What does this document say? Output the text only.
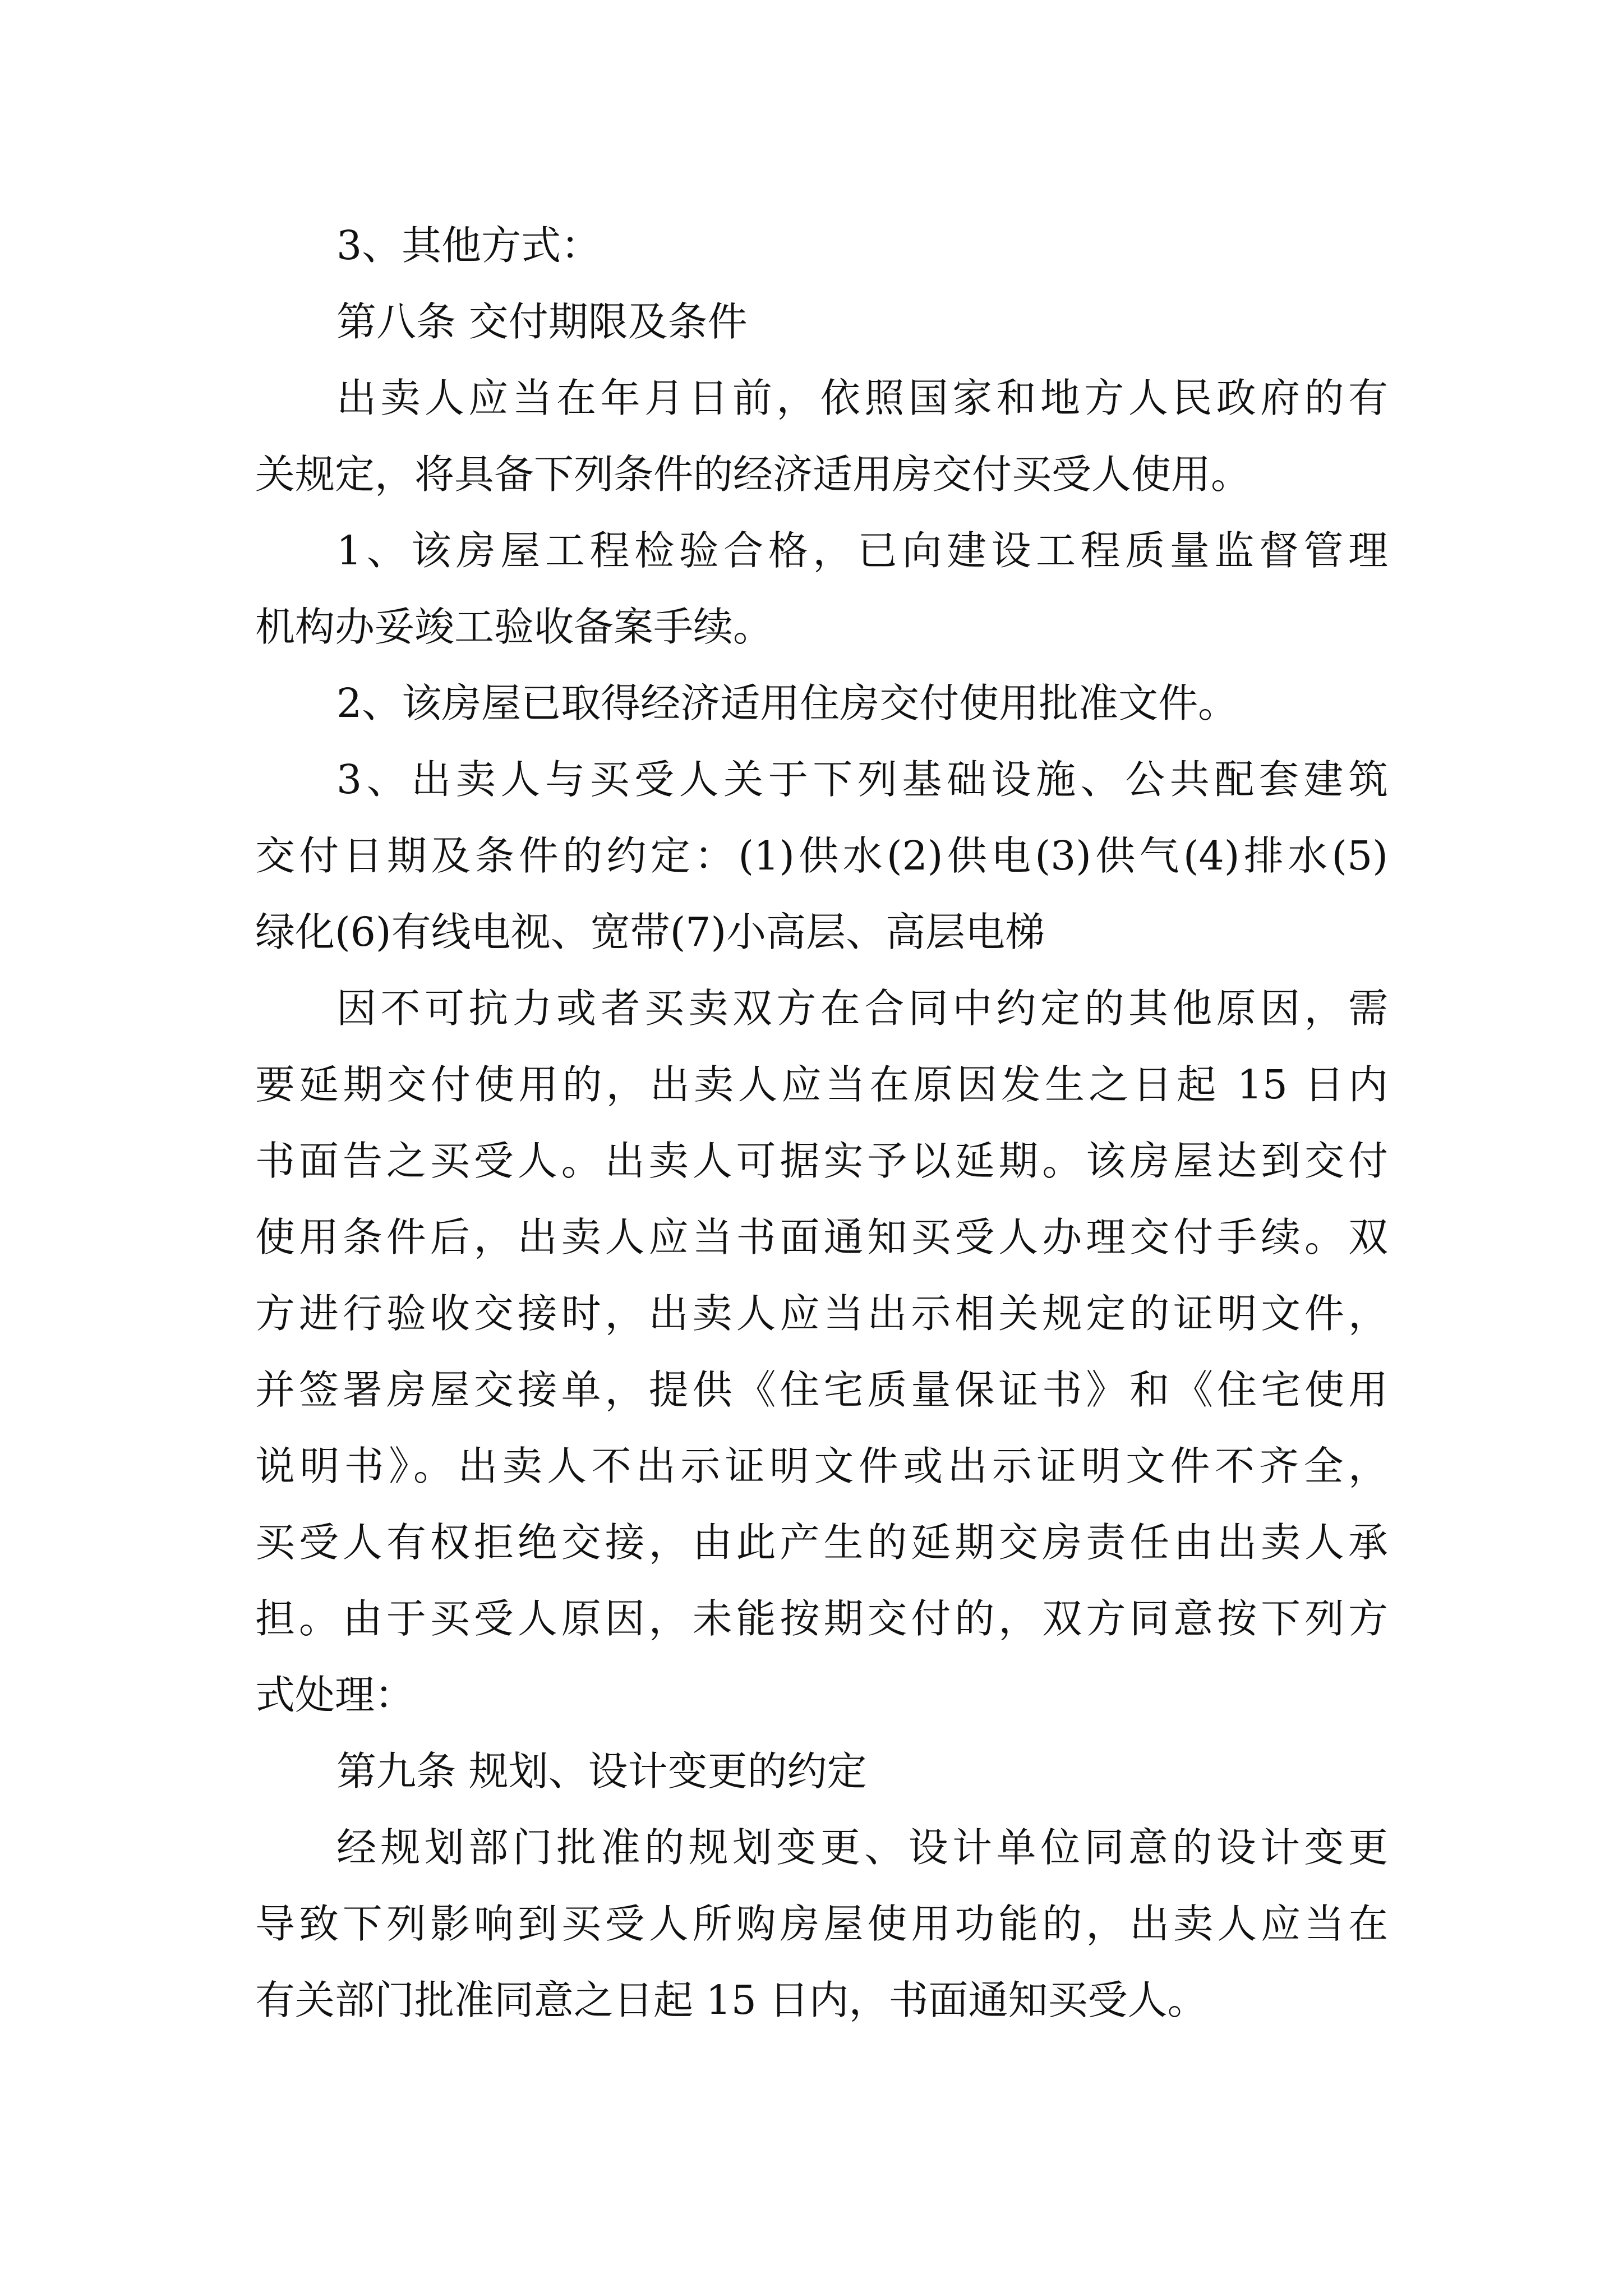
3、其他方式：
第八条 交付期限及条件
出卖人应当在年月日前，依照国家和地方人民政府的有
关规定，将具备下列条件的经济适用房交付买受人使用。
1、该房屋工程检验合格，已向建设工程质量监督管理
机构办妥竣工验收备案手续。
2、该房屋已取得经济适用住房交付使用批准文件。
3、出卖人与买受人关于下列基础设施、公共配套建筑
交付日期及条件的约定：(1)供水(2)供电(3)供气(4)排水(5)
绿化(6)有线电视、宽带(7)小高层、高层电梯
因不可抗力或者买卖双方在合同中约定的其他原因，需
要延期交付使用的，出卖人应当在原因发生之日起 15 日内
书面告之买受人。出卖人可据实予以延期。该房屋达到交付
使用条件后，出卖人应当书面通知买受人办理交付手续。双
方进行验收交接时，出卖人应当出示相关规定的证明文件，
并签署房屋交接单，提供《住宅质量保证书》和《住宅使用
说明书》。出卖人不出示证明文件或出示证明文件不齐全，
买受人有权拒绝交接，由此产生的延期交房责任由出卖人承
担。由于买受人原因，未能按期交付的，双方同意按下列方
式处理：
第九条 规划、设计变更的约定
经规划部门批准的规划变更、设计单位同意的设计变更
导致下列影响到买受人所购房屋使用功能的，出卖人应当在
有关部门批准同意之日起 15 日内，书面通知买受人。
